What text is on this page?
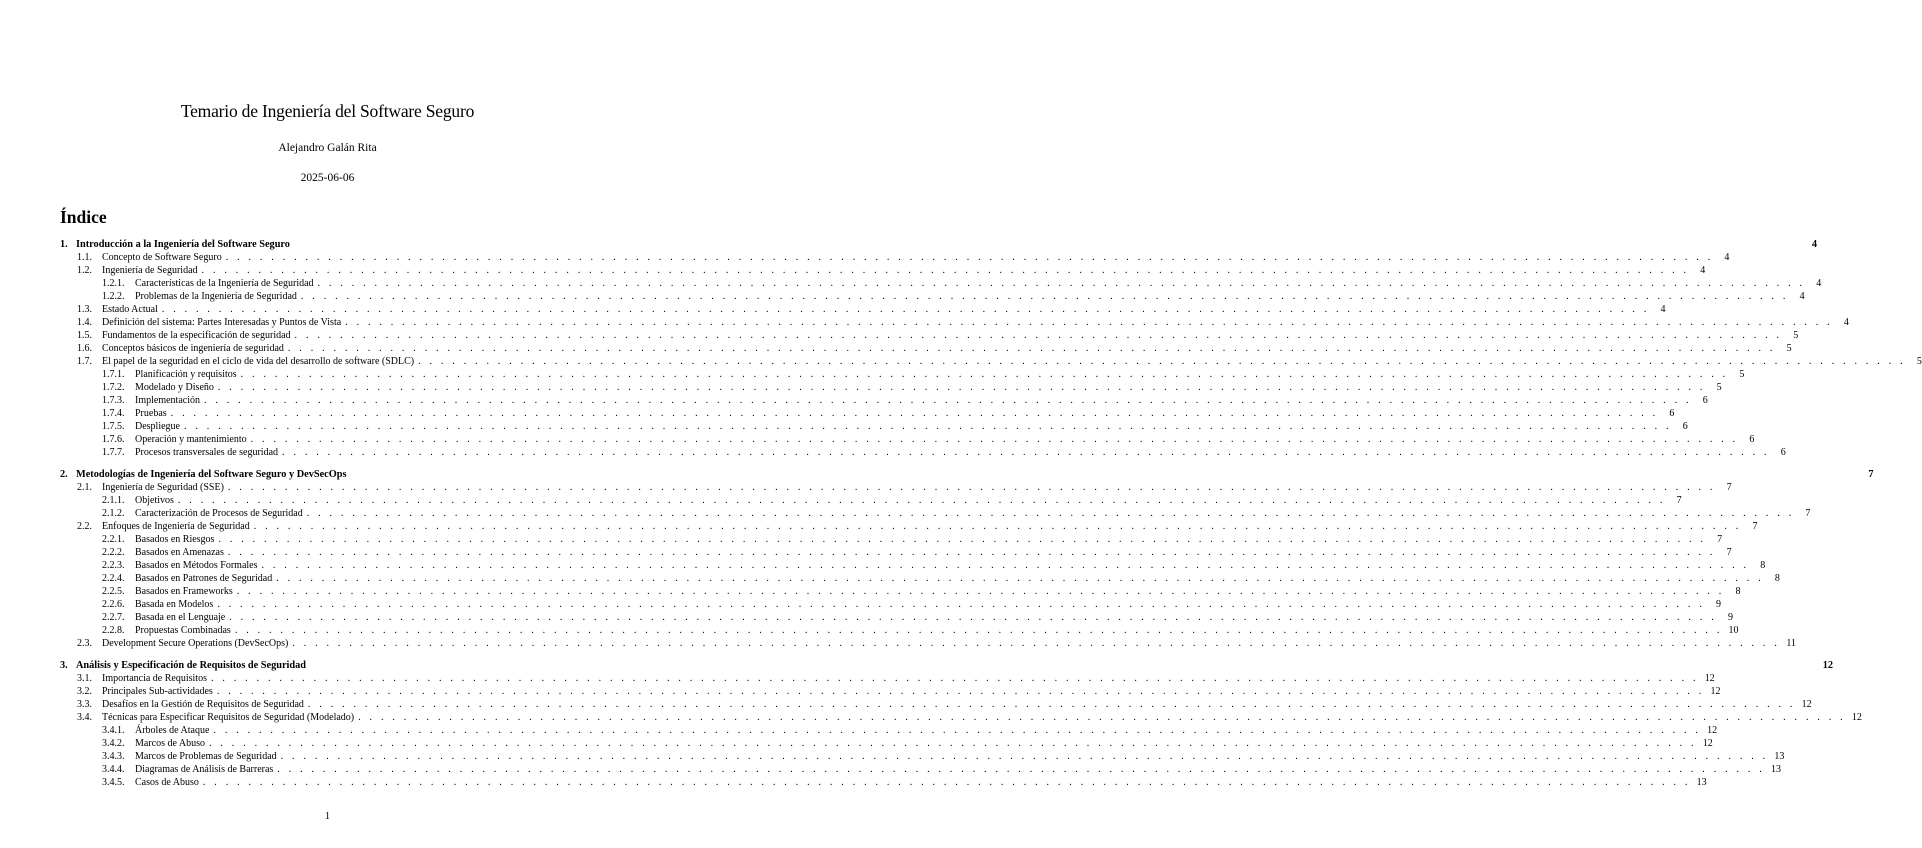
Temario de Ingeniería del Software Seguro
Alejandro Galán Rita
2025-06-06
Índice
1. Introducción a la Ingeniería del Software Seguro	4
1.1.	Concepto de Software Seguro . . .	4
1.2.	Ingeniería de Seguridad . . .	4
1.2.1.	Características de la Ingeniería de Seguridad . . .	4
1.2.2.	Problemas de la Ingeniería de Seguridad . . .	4
1.3.	Estado Actual . . .	4
1.4.	Definición del sistema: Partes Interesadas y Puntos de Vista . . .	4
1.5.	Fundamentos de la especificación de seguridad . . .	5
1.6.	Conceptos básicos de ingeniería de seguridad . . .	5
1.7.	El papel de la seguridad en el ciclo de vida del desarrollo de software (SDLC) . . .	5
1.7.1.	Planificación y requisitos . . .	5
1.7.2.	Modelado y Diseño . . .	5
1.7.3.	Implementación . . .	6
1.7.4.	Pruebas . . .	6
1.7.5.	Despliegue . . .	6
1.7.6.	Operación y mantenimiento . . .	6
1.7.7.	Procesos transversales de seguridad . . .	6
2. Metodologías de Ingeniería del Software Seguro y DevSecOps	7
2.1.	Ingeniería de Seguridad (SSE) . . .	7
2.1.1.	Objetivos . . .	7
2.1.2.	Caracterización de Procesos de Seguridad . . .	7
2.2.	Enfoques de Ingeniería de Seguridad . . .	7
2.2.1.	Basados en Riesgos . . .	7
2.2.2.	Basados en Amenazas . . .	7
2.2.3.	Basados en Métodos Formales . . .	8
2.2.4.	Basados en Patrones de Seguridad . . .	8
2.2.5.	Basados en Frameworks . . .	8
2.2.6.	Basada en Modelos . . .	9
2.2.7.	Basada en el Lenguaje . . .	9
2.2.8.	Propuestas Combinadas . . .	10
2.3.	Development Secure Operations (DevSecOps) . . .	11
3. Análisis y Especificación de Requisitos de Seguridad	12
3.1.	Importancia de Requisitos . . .	12
3.2.	Principales Sub-actividades . . .	12
3.3.	Desafíos en la Gestión de Requisitos de Seguridad . . .	12
3.4.	Técnicas para Especificar Requisitos de Seguridad (Modelado) . . .	12
3.4.1.	Árboles de Ataque . . .	12
3.4.2.	Marcos de Abuso . . .	12
3.4.3.	Marcos de Problemas de Seguridad . . .	13
3.4.4.	Diagramas de Análisis de Barreras . . .	13
3.4.5.	Casos de Abuso . . .	13
1
